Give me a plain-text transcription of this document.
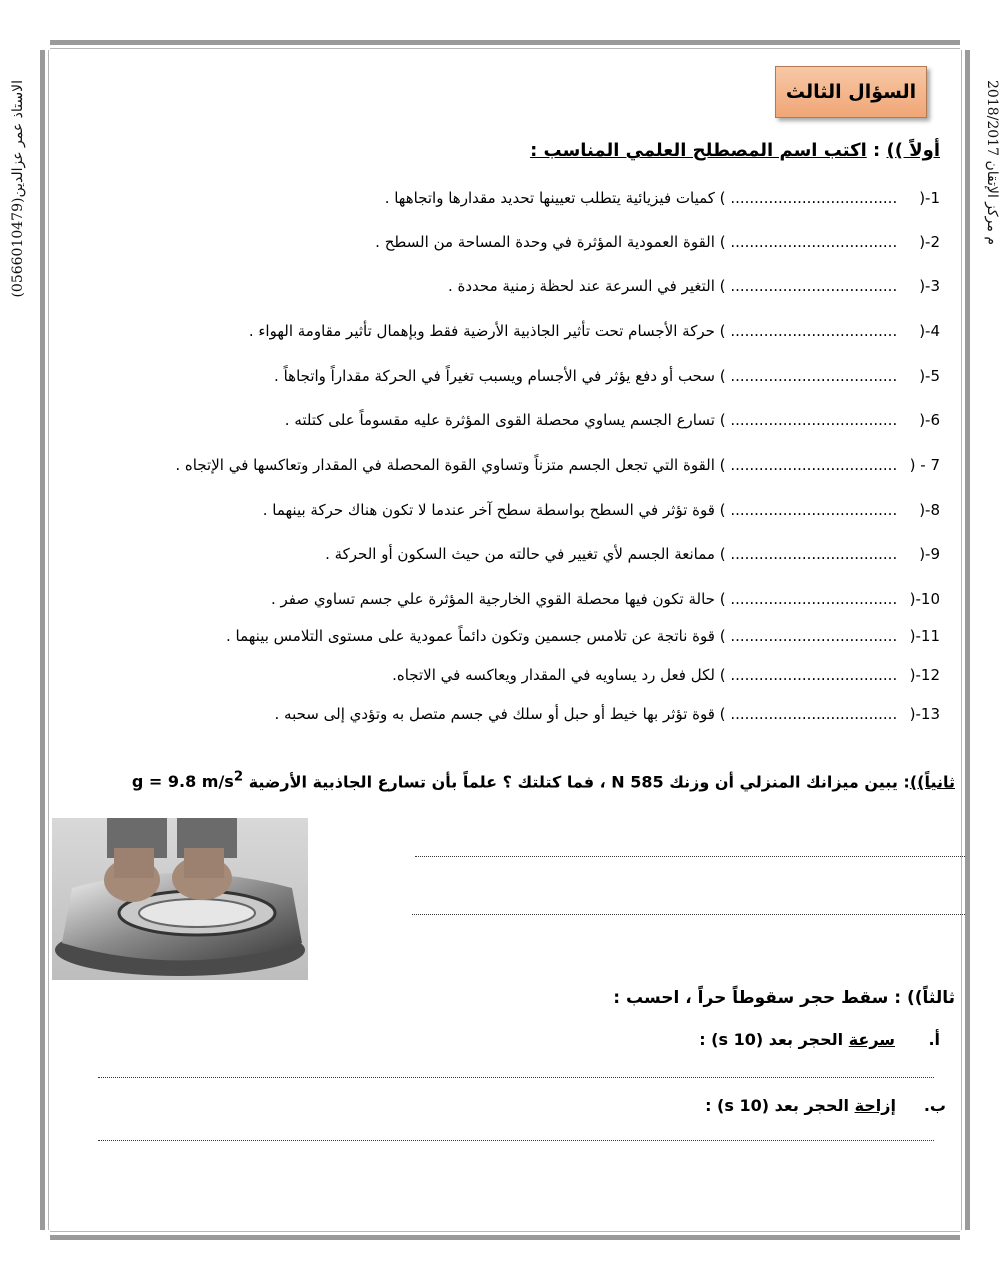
(0566010479)الاستاذ عمر عزالدين	2018/2017 م مركز الإتقان
السؤال الثالث
أولاً )) : اكتب اسم المصطلح العلمي المناسب :
1-( ................................... ) كميات فيزيائية يتطلب تعيينها تحديد مقدارها واتجاهها .
2-( ................................... ) القوة العمودية المؤثرة في وحدة المساحة من السطح .
3-( ................................... ) التغير في السرعة عند لحظة زمنية محددة .
4-( ................................... ) حركة الأجسام تحت تأثير الجاذبية الأرضية فقط وبإهمال تأثير مقاومة الهواء .
5-( ................................... ) سحب أو دفع يؤثر في الأجسام ويسبب تغيراً في الحركة مقداراً واتجاهاً .
6-( ................................... ) تسارع الجسم يساوي محصلة القوى المؤثرة عليه مقسوماً على كتلته .
7 - ( ................................... ) القوة التي تجعل الجسم متزناً وتساوي القوة المحصلة في المقدار وتعاكسها في الإتجاه .
8-( ................................... ) قوة تؤثر في السطح بواسطة سطح آخر عندما لا تكون هناك حركة بينهما .
9-( ................................... ) ممانعة الجسم لأي تغيير في حالته من حيث السكون أو الحركة .
10-( ................................... ) حالة تكون فيها محصلة القوي الخارجية المؤثرة علي جسم تساوي صفر .
11-( ................................... ) قوة ناتجة عن تلامس جسمين وتكون دائماً عمودية على مستوى التلامس بينهما .
12-( ................................... ) لكل فعل رد يساويه في المقدار ويعاكسه في الاتجاه.
13-( ................................... ) قوة تؤثر بها خيط أو حبل أو سلك في جسم متصل به وتؤدي إلى سحبه .
ثانياً)): يبين ميزانك المنزلي أن وزنك N 585 ، فما كتلتك ؟ علماً بأن تسارع الجاذبية الأرضية g = 9.8 $m/s^2$
ثالثاً)) : سقط حجر سقوطاً حراً ، احسب :
أ.      سرعة الحجر بعد (10 s) :
ب.     إزاحة الحجر بعد (10 s) :
